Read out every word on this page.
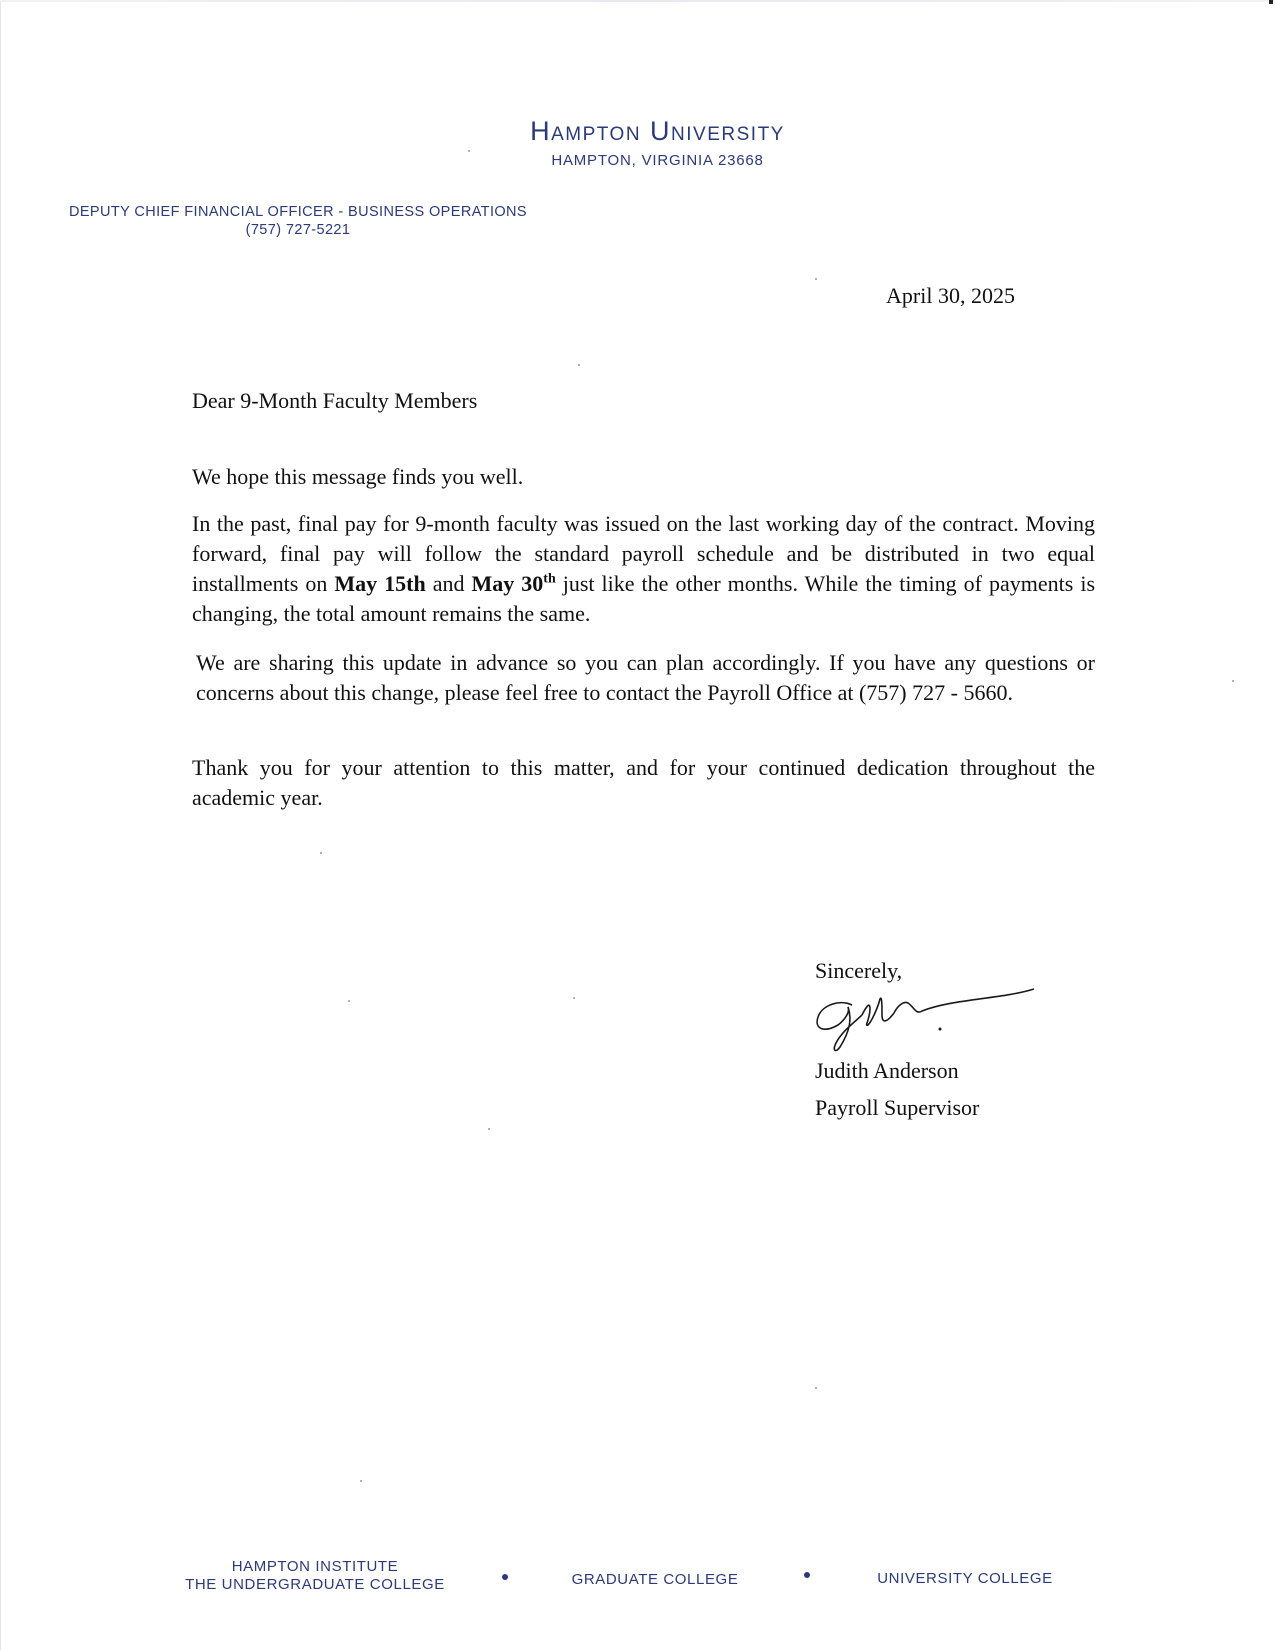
Hampton University
HAMPTON, VIRGINIA 23668
DEPUTY CHIEF FINANCIAL OFFICER - BUSINESS OPERATIONS
(757) 727-5221
April 30, 2025
Dear 9-Month Faculty Members
We hope this message finds you well.
In the past, final pay for 9-month faculty was issued on the last working day of the contract. Moving forward, final pay will follow the standard payroll schedule and be distributed in two equal installments on May 15th and May 30th just like the other months. While the timing of payments is changing, the total amount remains the same.
We are sharing this update in advance so you can plan accordingly. If you have any questions or concerns about this change, please feel free to contact the Payroll Office at (757) 727 - 5660.
Thank you for your attention to this matter, and for your continued dedication throughout the academic year.
Sincerely,
Judith Anderson
Payroll Supervisor
HAMPTON INSTITUTE
THE UNDERGRADUATE COLLEGE	GRADUATE COLLEGE	UNIVERSITY COLLEGE
